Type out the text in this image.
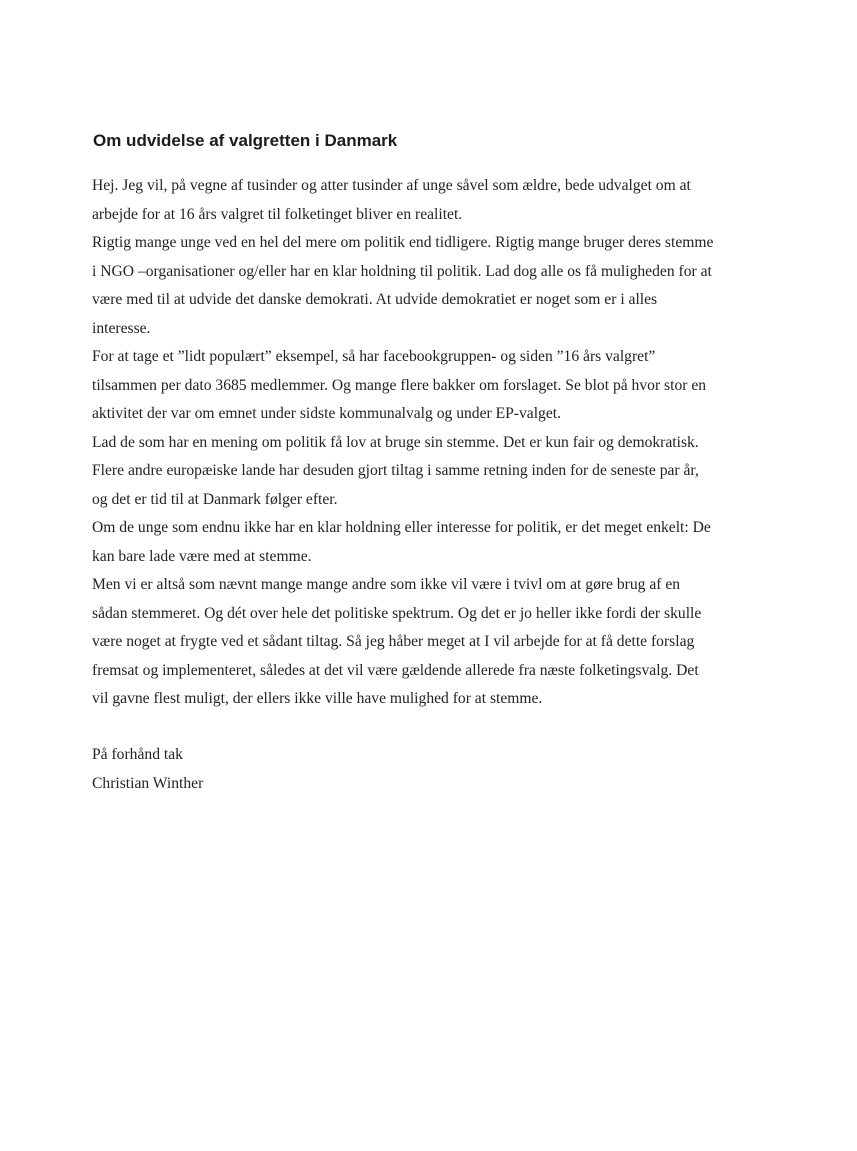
Om udvidelse af valgretten i Danmark
Hej. Jeg vil, på vegne af tusinder og atter tusinder af unge såvel som ældre, bede udvalget om at
arbejde for at 16 års valgret til folketinget bliver en realitet.
Rigtig mange unge ved en hel del mere om politik end tidligere. Rigtig mange bruger deres stemme
i NGO –organisationer og/eller har en klar holdning til politik. Lad dog alle os få muligheden for at
være med til at udvide det danske demokrati. At udvide demokratiet er noget som er i alles
interesse.
For at tage et ”lidt populært” eksempel, så har facebookgruppen- og siden ”16 års valgret”
tilsammen per dato 3685 medlemmer. Og mange flere bakker om forslaget. Se blot på hvor stor en
aktivitet der var om emnet under sidste kommunalvalg og under EP-valget.
Lad de som har en mening om politik få lov at bruge sin stemme. Det er kun fair og demokratisk.
Flere andre europæiske lande har desuden gjort tiltag i samme retning inden for de seneste par år,
og det er tid til at Danmark følger efter.
Om de unge som endnu ikke har en klar holdning eller interesse for politik, er det meget enkelt: De
kan bare lade være med at stemme.
Men vi er altså som nævnt mange mange andre som ikke vil være i tvivl om at gøre brug af en
sådan stemmeret. Og dét over hele det politiske spektrum. Og det er jo heller ikke fordi der skulle
være noget at frygte ved et sådant tiltag. Så jeg håber meget at I vil arbejde for at få dette forslag
fremsat og implementeret, således at det vil være gældende allerede fra næste folketingsvalg. Det
vil gavne flest muligt, der ellers ikke ville have mulighed for at stemme.
På forhånd tak
Christian Winther
